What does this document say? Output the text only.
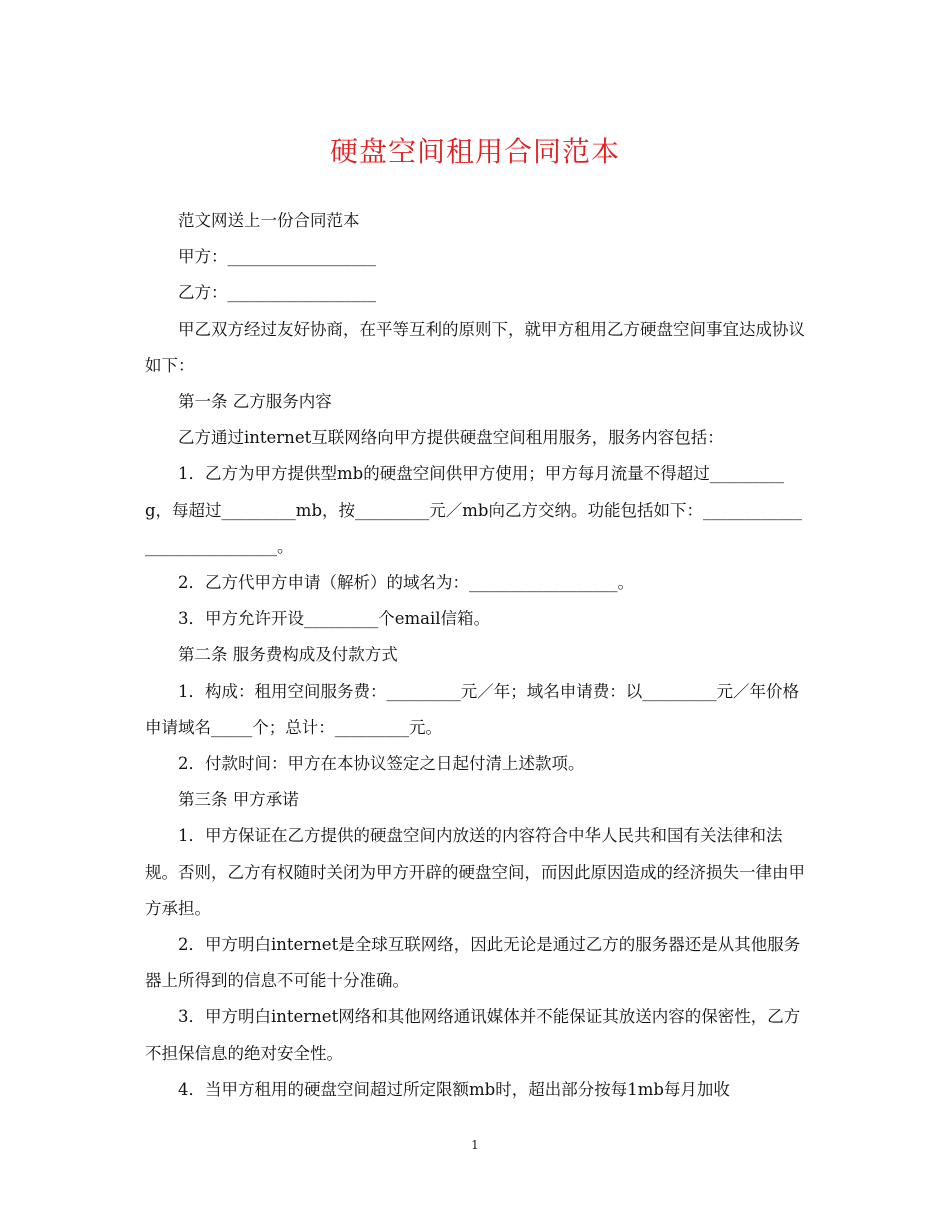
硬盘空间租用合同范本

范文网送上一份合同范本

甲方：__________________

乙方：__________________

甲乙双方经过友好协商，在平等互利的原则下，就甲方租用乙方硬盘空间事宜达成协议如下：

第一条 乙方服务内容

乙方通过internet互联网络向甲方提供硬盘空间租用服务，服务内容包括：

1．乙方为甲方提供型mb的硬盘空间供甲方使用；甲方每月流量不得超过_________g，每超过_________mb，按_________元／mb向乙方交纳。功能包括如下：____________________________。

2．乙方代甲方申请（解析）的域名为：__________________。

3．甲方允许开设_________个email信箱。

第二条 服务费构成及付款方式

1．构成：租用空间服务费：_________元／年；域名申请费：以_________元／年价格申请域名_____个；总计：_________元。

2．付款时间：甲方在本协议签定之日起付清上述款项。

第三条 甲方承诺

1．甲方保证在乙方提供的硬盘空间内放送的内容符合中华人民共和国有关法律和法规。否则，乙方有权随时关闭为甲方开辟的硬盘空间，而因此原因造成的经济损失一律由甲方承担。

2．甲方明白internet是全球互联网络，因此无论是通过乙方的服务器还是从其他服务器上所得到的信息不可能十分准确。

3．甲方明白internet网络和其他网络通讯媒体并不能保证其放送内容的保密性，乙方不担保信息的绝对安全性。

4．当甲方租用的硬盘空间超过所定限额mb时，超出部分按每1mb每月加收

1
